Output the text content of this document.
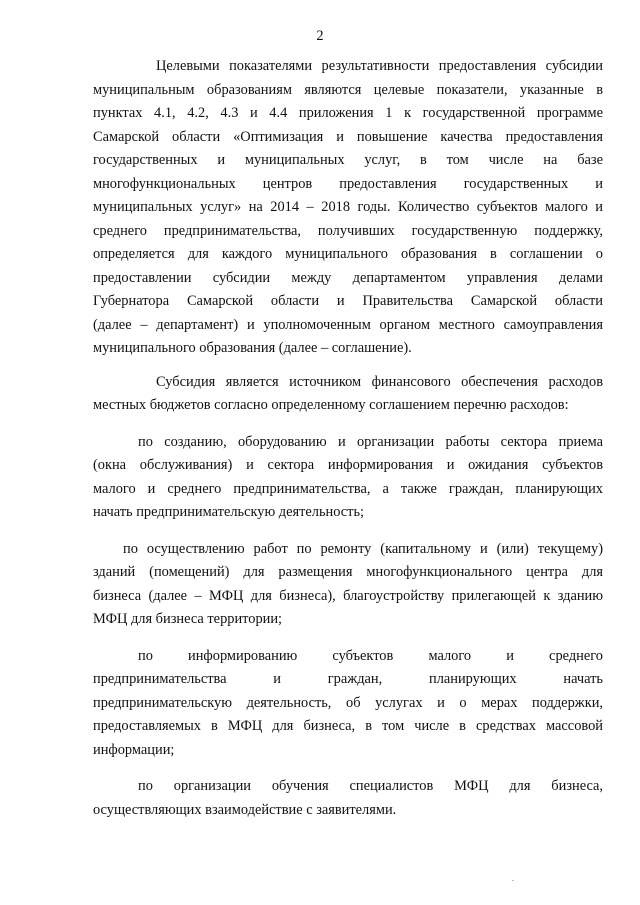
2

Целевыми показателями результативности предоставления субсидии
муниципальным образованиям являются целевые показатели, указанные в
пунктах 4.1, 4.2, 4.3 и 4.4 приложения 1 к государственной программе
Самарской области «Оптимизация и повышение качества предоставления
государственных и муниципальных услуг, в том числе на базе
многофункциональных центров предоставления государственных и
муниципальных услуг» на 2014 – 2018 годы. Количество субъектов малого и
среднего предпринимательства, получивших государственную поддержку,
определяется для каждого муниципального образования в соглашении о
предоставлении субсидии между департаментом управления делами
Губернатора Самарской области и Правительства Самарской области
(далее – департамент) и уполномоченным органом местного самоуправления
муниципального образования (далее – соглашение).

Субсидия является источником финансового обеспечения расходов
местных бюджетов согласно определенному соглашением перечню расходов:

по созданию, оборудованию и организации работы сектора приема
(окна обслуживания) и сектора информирования и ожидания субъектов
малого и среднего предпринимательства, а также граждан, планирующих
начать предпринимательскую деятельность;

по осуществлению работ по ремонту (капитальному и (или) текущему)
зданий (помещений) для размещения многофункционального центра для
бизнеса (далее – МФЦ для бизнеса), благоустройству прилегающей к зданию
МФЦ для бизнеса территории;

по информированию субъектов малого и среднего
предпринимательства и граждан, планирующих начать
предпринимательскую деятельность, об услугах и о мерах поддержки,
предоставляемых в МФЦ для бизнеса, в том числе в средствах массовой
информации;

по организации обучения специалистов МФЦ для бизнеса,
осуществляющих взаимодействие с заявителями.
